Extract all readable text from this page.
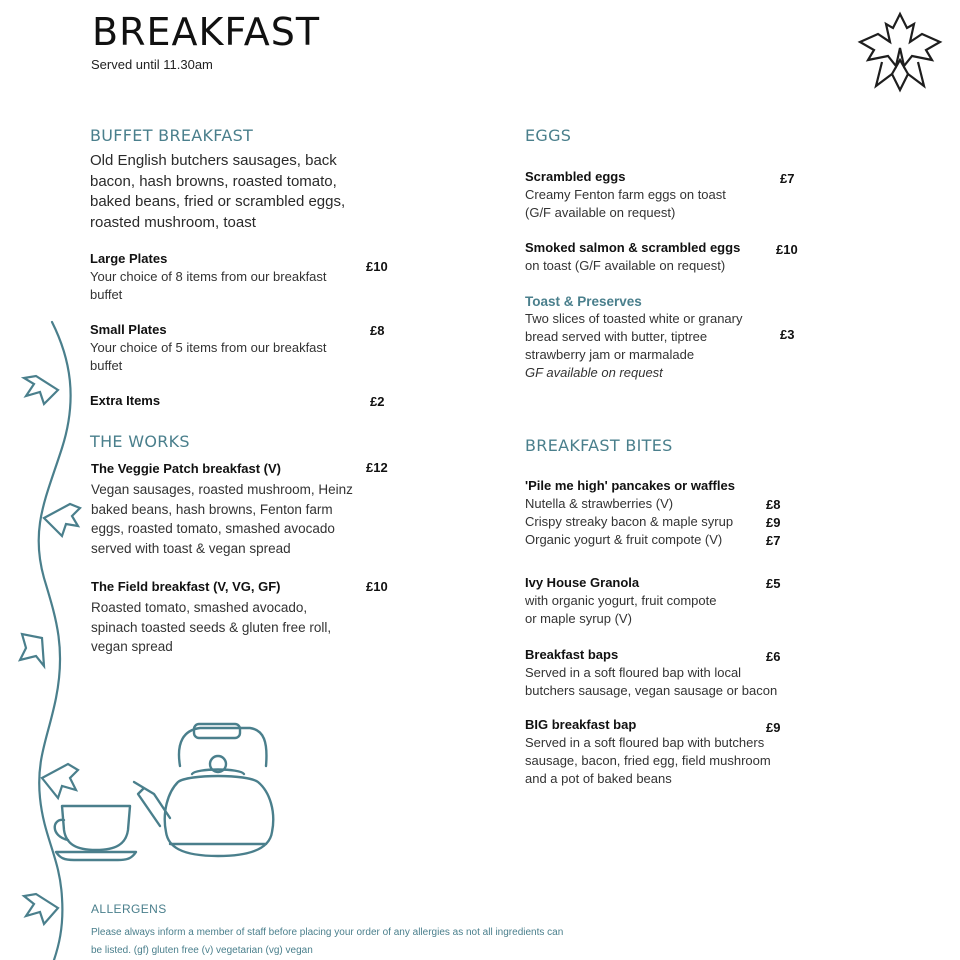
BREAKFAST
Served until 11.30am
BUFFET BREAKFAST
Old English butchers sausages, back
bacon, hash browns, roasted tomato,
baked beans, fried or scrambled eggs,
roasted mushroom, toast
Large Plates
Your choice of 8 items from our breakfast
buffet
£10
Small Plates
Your choice of 5 items from our breakfast
buffet
£8
Extra Items	£2
THE WORKS
The Veggie Patch breakfast (V)
Vegan sausages, roasted mushroom, Heinz
baked beans, hash browns, Fenton farm
eggs, roasted tomato, smashed avocado
served with toast & vegan spread
£12
The Field breakfast (V, VG, GF)
Roasted tomato, smashed avocado,
spinach toasted seeds & gluten free roll,
vegan spread
£10
EGGS
Scrambled eggs
Creamy Fenton farm eggs on toast
(G/F available on request)
£7
Smoked salmon & scrambled eggs
on toast (G/F available on request)
£10
Toast & Preserves
Two slices of toasted white or granary
bread served with butter, tiptree
strawberry jam or marmalade
GF available on request
£3
BREAKFAST BITES
'Pile me high' pancakes or waffles
Nutella & strawberries (V)	£8
Crispy streaky bacon & maple syrup	£9
Organic yogurt & fruit compote (V)	£7
Ivy House Granola
with organic yogurt, fruit compote
or maple syrup (V)
£5
Breakfast baps
Served in a soft floured bap with local
butchers sausage, vegan sausage or bacon
£6
BIG breakfast bap
Served in a soft floured bap with butchers
sausage, bacon, fried egg, field mushroom
and a pot of baked beans
£9
ALLERGENS
Please always inform a member of staff before placing your order of any allergies as not all ingredients can
be listed. (gf) gluten free (v) vegetarian (vg) vegan
